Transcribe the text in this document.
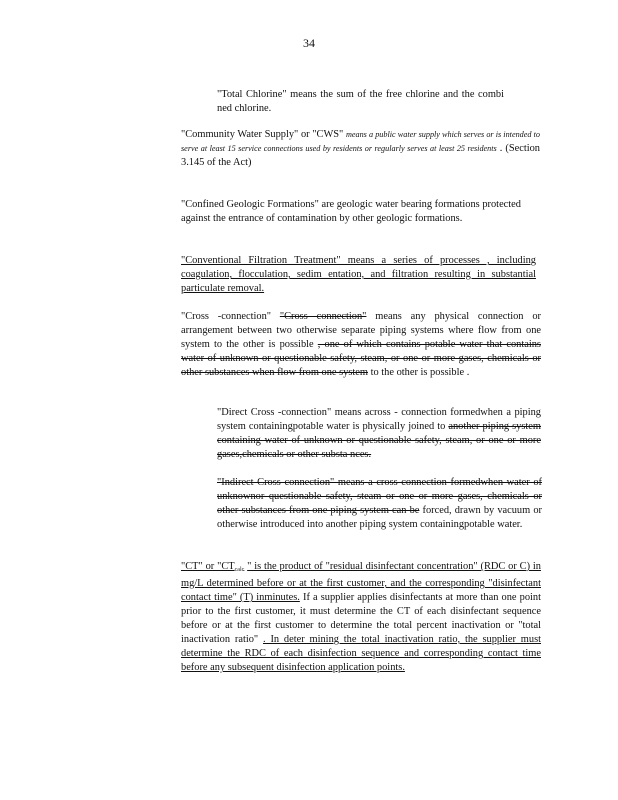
34

"Total Chlorine" means the sum of the free chlorine and the combi ned chlorine.

"Community Water Supply" or "CWS" means a public water supply which serves or is intended to serve at least 15 service connections used by residents or regularly serves at least 25 residents . (Section 3.145 of the Act)

"Confined Geologic Formations" are geologic water bearing formations protected against the entrance of contamination by other geologic formations.

"Conventional Filtration Treatment" means a series of processes , including coagulation, flocculation, sedim entation, and filtration resulting in substantial particulate removal.

"Cross -connection" "Cross connection" means any physical connection or arrangement between two otherwise separate piping systems where flow from one system to the other is possible , one of which contains potable water that contains water of unknown or questionable safety, steam, or one or more gases, chemicals or other substances when flow from one system to the other is possible .

"Direct Cross -connection" means across - connection formedwhen a piping system containingpotable water is physically joined to another piping system containing water of unknown or questionable safety, steam, or one or more gases,chemicals or other substa nces.

"Indirect Cross connection" means a cross connection formedwhen water of unknownor questionable safety, steam or one or more gases, chemicals or other substances from one piping system can be forced, drawn by vacuum or otherwise introduced into another piping system containingpotable water.

"CT" or "$CT_{calc}$ " is the product of "residual disinfectant concentration" (RDC or C) in mg/L determined before or at the first customer, and the corresponding "disinfectant contact time" (T) inminutes. If a supplier applies disinfectants at more than one point prior to the first customer, it must determine the CT of each disinfectant sequence before or at the first customer to determine the total percent inactivation or "total inactivation ratio" . In deter mining the total inactivation ratio, the supplier must determine the RDC of each disinfection sequence and corresponding contact time before any subsequent disinfection application points.
